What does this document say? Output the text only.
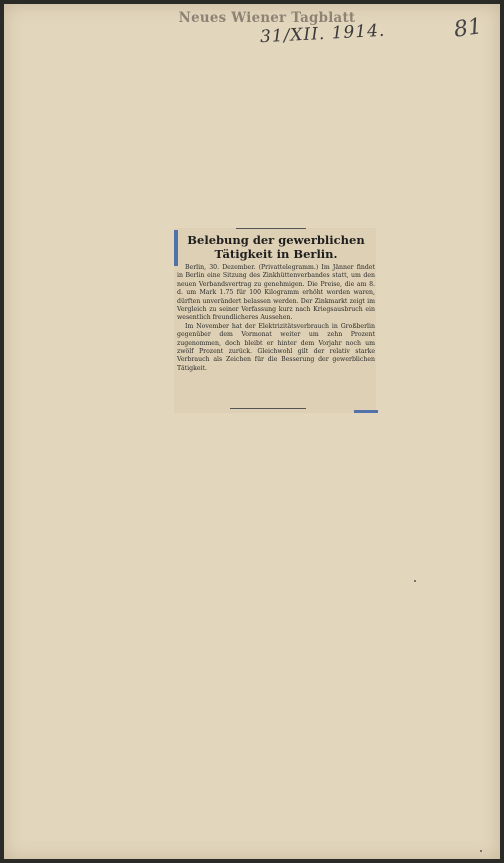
Neues Wiener Tagblatt
31/XII. 1914.	81
Belebung der gewerblichen Tätigkeit in Berlin.

Berlin, 30. Dezember. (Privattelegramm.) Im Jänner findet in Berlin eine Sitzung des Zinkhüttenverbandes statt, um den neuen Verbandsvertrag zu genehmigen. Die Preise, die am 8. d. um Mark 1.75 für 100 Kilogramm erhöht worden waren, dürften unverändert belassen werden. Der Zinkmarkt zeigt im Vergleich zu seiner Verfassung kurz nach Kriegsausbruch ein wesentlich freundlicheres Aussehen.

Im November hat der Elektrizitätsverbrauch in Großberlin gegenüber dem Vormonat weiter um zehn Prozent zugenommen, doch bleibt er hinter dem Vorjahr noch um zwölf Prozent zurück. Gleichwohl gilt der relativ starke Verbrauch als Zeichen für die Besserung der gewerblichen Tätigkeit.
